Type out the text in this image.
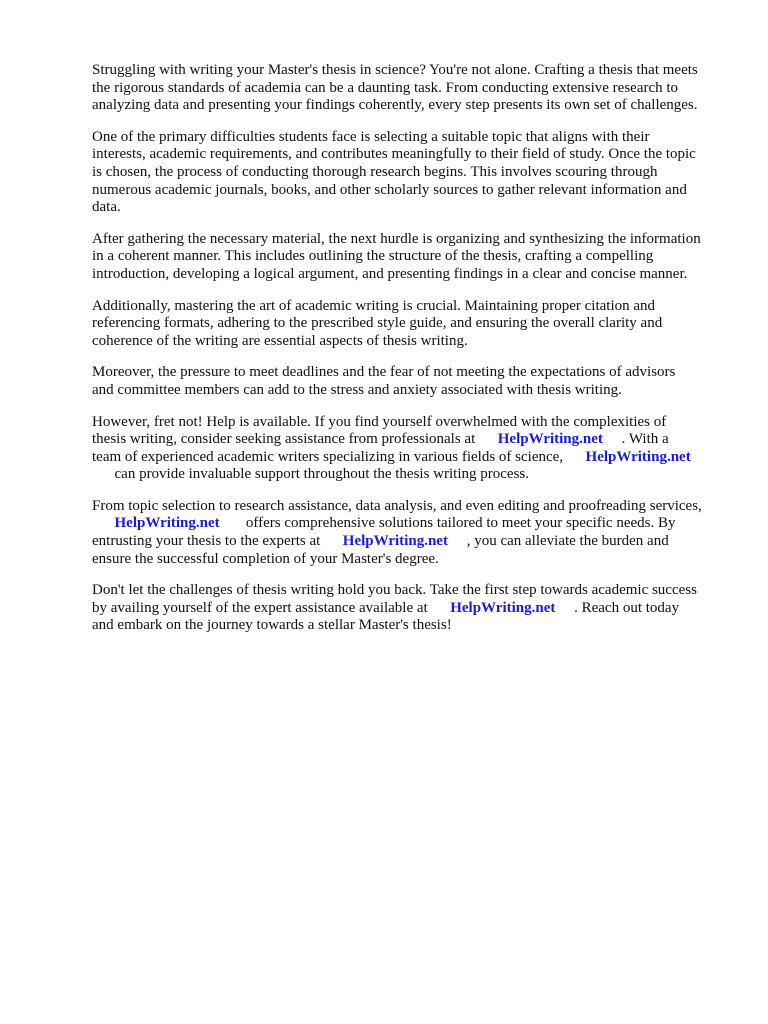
Struggling with writing your Master's thesis in science? You're not alone. Crafting a thesis that meets
the rigorous standards of academia can be a daunting task. From conducting extensive research to
analyzing data and presenting your findings coherently, every step presents its own set of challenges.
One of the primary difficulties students face is selecting a suitable topic that aligns with their
interests, academic requirements, and contributes meaningfully to their field of study. Once the topic
is chosen, the process of conducting thorough research begins. This involves scouring through
numerous academic journals, books, and other scholarly sources to gather relevant information and
data.
After gathering the necessary material, the next hurdle is organizing and synthesizing the information
in a coherent manner. This includes outlining the structure of the thesis, crafting a compelling
introduction, developing a logical argument, and presenting findings in a clear and concise manner.
Additionally, mastering the art of academic writing is crucial. Maintaining proper citation and
referencing formats, adhering to the prescribed style guide, and ensuring the overall clarity and
coherence of the writing are essential aspects of thesis writing.
Moreover, the pressure to meet deadlines and the fear of not meeting the expectations of advisors
and committee members can add to the stress and anxiety associated with thesis writing.
However, fret not! Help is available. If you find yourself overwhelmed with the complexities of
thesis writing, consider seeking assistance from professionals at      HelpWriting.net     . With a
team of experienced academic writers specializing in various fields of science,      HelpWriting.net
can provide invaluable support throughout the thesis writing process.
From topic selection to research assistance, data analysis, and even editing and proofreading services,
HelpWriting.net       offers comprehensive solutions tailored to meet your specific needs. By
entrusting your thesis to the experts at      HelpWriting.net     , you can alleviate the burden and
ensure the successful completion of your Master's degree.
Don't let the challenges of thesis writing hold you back. Take the first step towards academic success
by availing yourself of the expert assistance available at      HelpWriting.net     . Reach out today
and embark on the journey towards a stellar Master's thesis!
